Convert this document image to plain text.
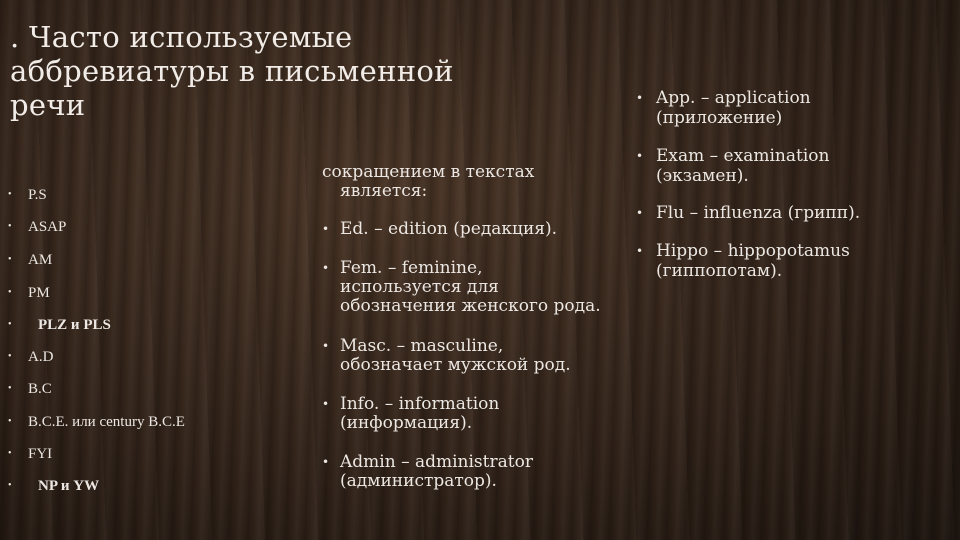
. Часто используемые
аббревиатуры в письменной
речи
•	P.S
•	ASAP
•	AM
•	PM
•	PLZ и PLS
•	A.D
•	B.C
•	B.C.E. или century B.C.E
•	FYI
•	NP и YW
сокращением в текстах
является:
• Ed. – edition (редакция).
• Fem. – feminine,
используется для
обозначения женского рода.
• Masc. – masculine,
обозначает мужской род.
• Info. – information
(информация).
• Admin – administrator
(администратор).
• App. – application
(приложение)
• Exam – examination
(экзамен).
• Flu – influenza (грипп).
• Hippo – hippopotamus
(гиппопотам).
